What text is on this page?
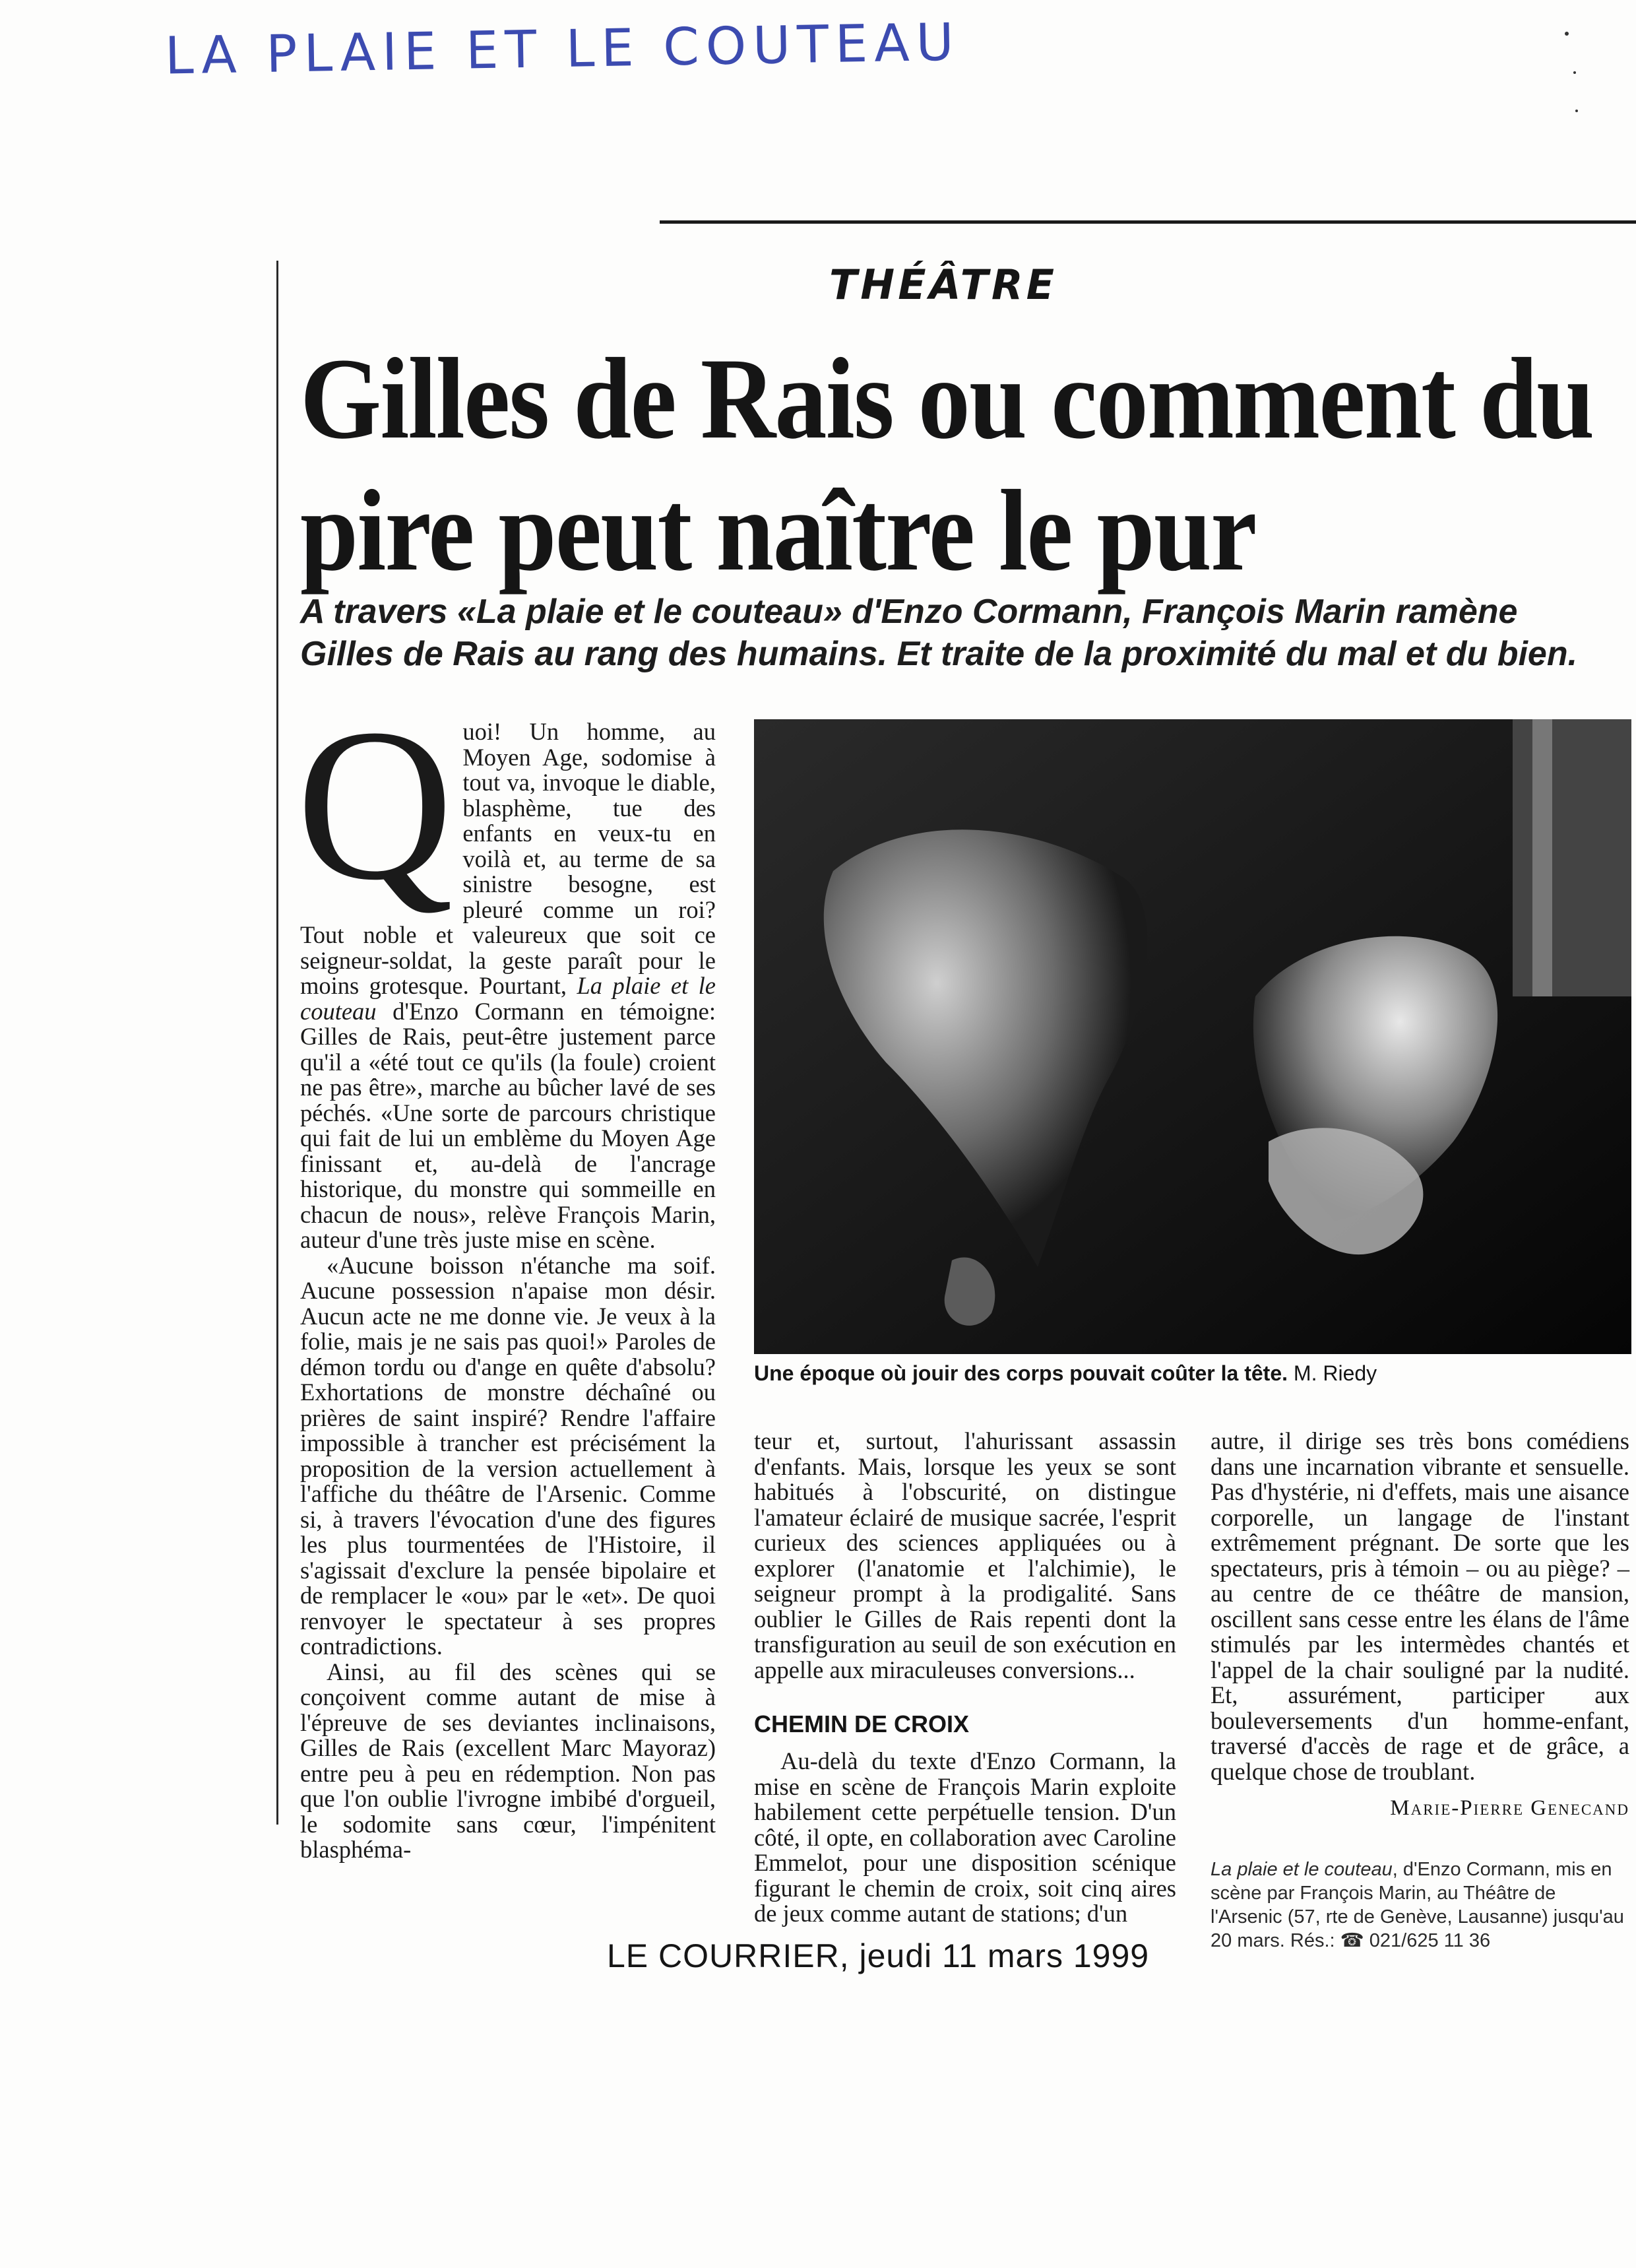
LA PLAIE ET LE COUTEAU
THÉÂTRE
Gilles de Rais ou comment du
pire peut naître le pur
A travers «La plaie et le couteau» d'Enzo Cormann, François Marin ramène
Gilles de Rais au rang des humains. Et traite de la proximité du mal et du bien.

Quoi! Un homme, au Moyen Age, sodomise à tout va, invoque le diable, blasphème, tue des enfants en veux-tu en voilà et, au terme de sa sinistre besogne, est pleuré comme un roi? Tout noble et valeureux que soit ce seigneur-soldat, la geste paraît pour le moins grotesque. Pourtant, La plaie et le couteau d'Enzo Cormann en témoigne: Gilles de Rais, peut-être justement parce qu'il a «été tout ce qu'ils (la foule) croient ne pas être», marche au bûcher lavé de ses péchés. «Une sorte de parcours christique qui fait de lui un emblème du Moyen Age finissant et, au-delà de l'ancrage historique, du monstre qui sommeille en chacun de nous», relève François Marin, auteur d'une très juste mise en scène.

«Aucune boisson n'étanche ma soif. Aucune possession n'apaise mon désir. Aucun acte ne me donne vie. Je veux à la folie, mais je ne sais pas quoi!» Paroles de démon tordu ou d'ange en quête d'absolu? Exhortations de monstre déchaîné ou prières de saint inspiré? Rendre l'affaire impossible à trancher est précisément la proposition de la version actuellement à l'affiche du théâtre de l'Arsenic. Comme si, à travers l'évocation d'une des figures les plus tourmentées de l'Histoire, il s'agissait d'exclure la pensée bipolaire et de remplacer le «ou» par le «et». De quoi renvoyer le spectateur à ses propres contradictions.

Ainsi, au fil des scènes qui se conçoivent comme autant de mise à l'épreuve de ses deviantes inclinaisons, Gilles de Rais (excellent Marc Mayoraz) entre peu à peu en rédemption. Non pas que l'on oublie l'ivrogne imbibé d'orgueil, le sodomite sans cœur, l'impénitent blasphéma-

Une époque où jouir des corps pouvait coûter la tête. M. Riedy

teur et, surtout, l'ahurissant assassin d'enfants. Mais, lorsque les yeux se sont habitués à l'obscurité, on distingue l'amateur éclairé de musique sacrée, l'esprit curieux des sciences appliquées ou à explorer (l'anatomie et l'alchimie), le seigneur prompt à la prodigalité. Sans oublier le Gilles de Rais repenti dont la transfiguration au seuil de son exécution en appelle aux miraculeuses conversions...

CHEMIN DE CROIX

Au-delà du texte d'Enzo Cormann, la mise en scène de François Marin exploite habilement cette perpétuelle tension. D'un côté, il opte, en collaboration avec Caroline Emmelot, pour une disposition scénique figurant le chemin de croix, soit cinq aires de jeux comme autant de stations; d'un

autre, il dirige ses très bons comédiens dans une incarnation vibrante et sensuelle. Pas d'hystérie, ni d'effets, mais une aisance corporelle, un langage de l'instant extrêmement prégnant. De sorte que les spectateurs, pris à témoin – ou au piège? – au centre de ce théâtre de mansion, oscillent sans cesse entre les élans de l'âme stimulés par les intermèdes chantés et l'appel de la chair souligné par la nudité. Et, assurément, participer aux bouleversements d'un homme-enfant, traversé d'accès de rage et de grâce, a quelque chose de troublant.

Marie-Pierre Genecand
La plaie et le couteau, d'Enzo Cormann, mis en scène par François Marin, au Théâtre de l'Arsenic (57, rte de Genève, Lausanne) jusqu'au 20 mars. Rés.: ☎ 021/625 11 36
LE COURRIER, jeudi 11 mars 1999
